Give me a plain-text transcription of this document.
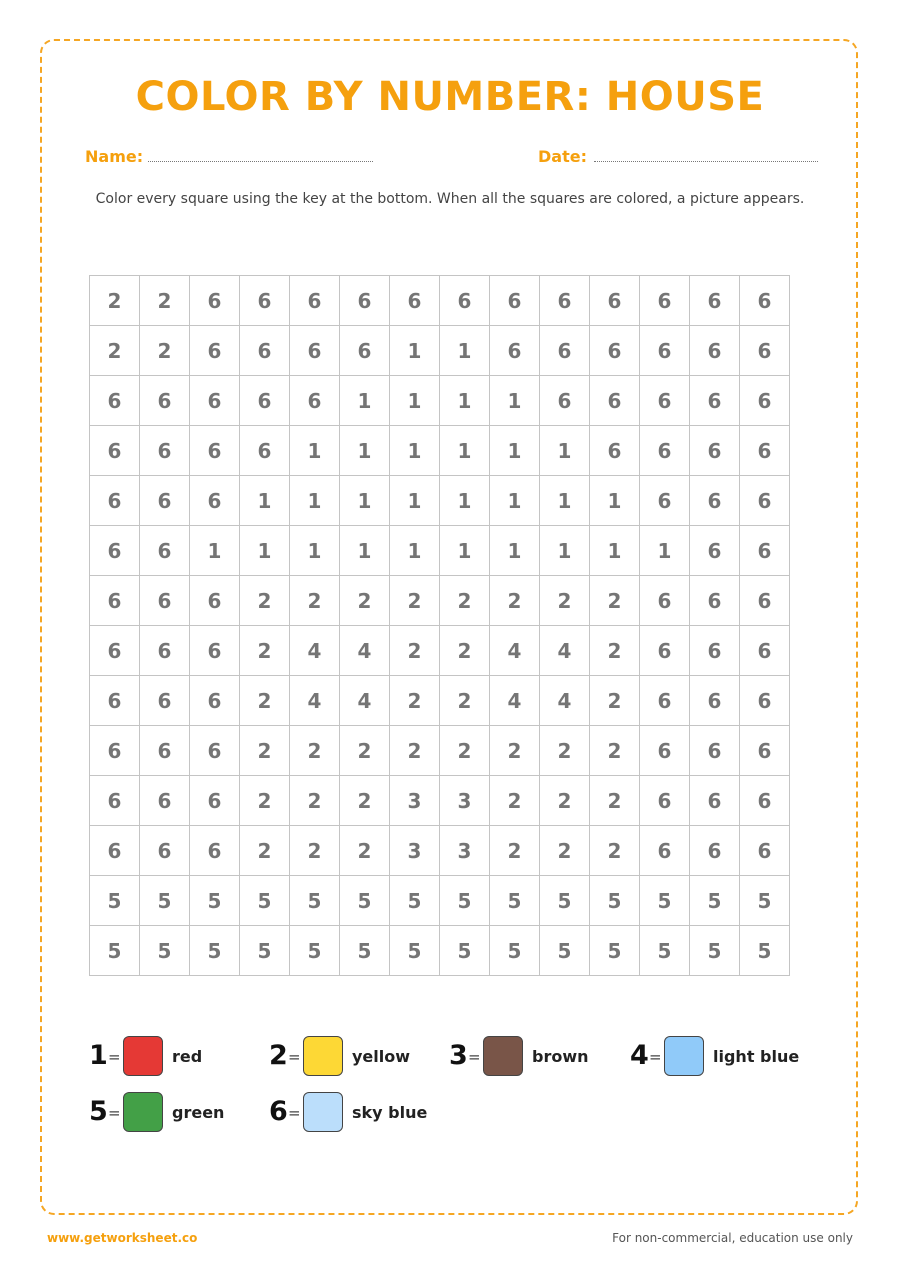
COLOR BY NUMBER: HOUSE
Name:	Date:
Color every square using the key at the bottom. When all the squares are colored, a picture appears.
2	2	6	6	6	6	6	6	6	6	6	6	6	6
2	2	6	6	6	6	1	1	6	6	6	6	6	6
6	6	6	6	6	1	1	1	1	6	6	6	6	6
6	6	6	6	1	1	1	1	1	1	6	6	6	6
6	6	6	1	1	1	1	1	1	1	1	6	6	6
6	6	1	1	1	1	1	1	1	1	1	1	6	6
6	6	6	2	2	2	2	2	2	2	2	6	6	6
6	6	6	2	4	4	2	2	4	4	2	6	6	6
6	6	6	2	4	4	2	2	4	4	2	6	6	6
6	6	6	2	2	2	2	2	2	2	2	6	6	6
6	6	6	2	2	2	3	3	2	2	2	6	6	6
6	6	6	2	2	2	3	3	2	2	2	6	6	6
5	5	5	5	5	5	5	5	5	5	5	5	5	5
5	5	5	5	5	5	5	5	5	5	5	5	5	5
1 =	red 2 =	yellow 3 =	brown 4 =	light blue
5 =	green 6 =	sky blue
www.getworksheet.co	For non-commercial, education use only
